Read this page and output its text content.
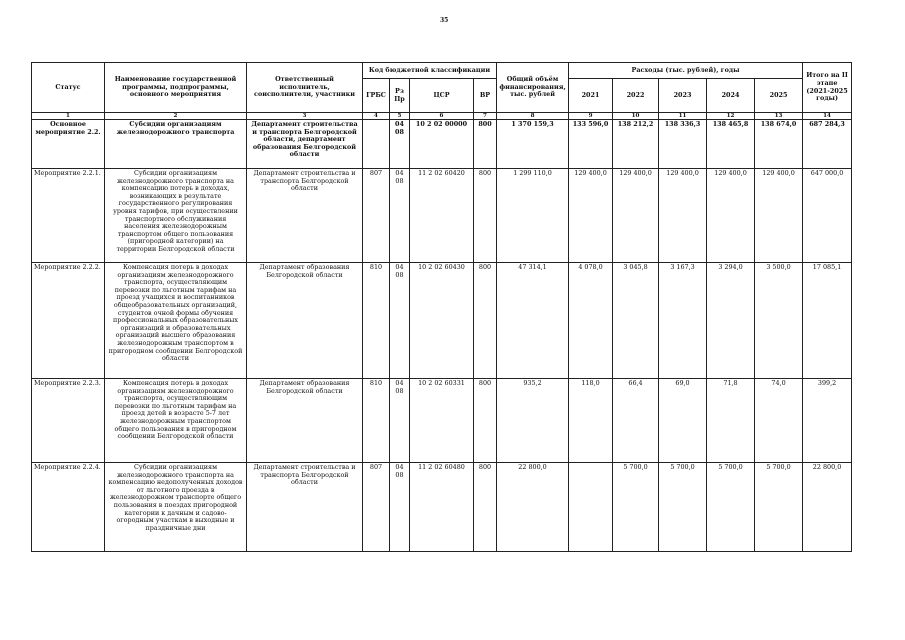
35
Статус	Наименование государственной программы, подпрограммы, основного мероприятия	Ответственный исполнитель, соисполнители, участники	Код бюджетной классификации				Общий объём финансирования, тыс. рублей	Расходы (тыс. рублей), годы					Итого на II этапе (2021-2025 годы)
			ГРБС	Рз Пр	ЦСР	ВР		2021	2022	2023	2024	2025	
1	2	3	4	5	6	7	8	9	10	11	12	13	14
Основное мероприятие 2.2.	Субсидии организациям железнодорожного транспорта	Департамент строительства и транспорта Белгородской области, департамент образования Белгородской области		04 08	10 2 02 00000	800	1 370 159,3	133 596,0	138 212,2	138 336,3	138 465,8	138 674,0	687 284,3
Мероприятие 2.2.1.	Субсидии организациям железнодорожного транспорта на компенсацию потерь в доходах, возникающих в результате государственного регулирования уровня тарифов, при осуществлении транспортного обслуживания населения железнодорожным транспортом общего пользования (пригородной категории) на территории Белгородской области	Департамент строительства и транспорта Белгородской области	807	04 08	11 2 02 60420	800	1 299 110,0	129 400,0	129 400,0	129 400,0	129 400,0	129 400,0	647 000,0
Мероприятие 2.2.2.	Компенсация потерь в доходах организациям железнодорожного транспорта, осуществляющим перевозки по льготным тарифам на проезд учащихся и воспитанников общеобразовательных организаций, студентов очной формы обучения профессиональных образовательных организаций и образовательных организаций высшего образования железнодорожным транспортом в пригородном сообщении Белгородской области	Департамент образования Белгородской области	810	04 08	10 2 02 60430	800	47 314,1	4 078,0	3 045,8	3 167,3	3 294,0	3 500,0	17 085,1
Мероприятие 2.2.3.	Компенсация потерь в доходах организациям железнодорожного транспорта, осуществляющим перевозки по льготным тарифам на проезд детей в возрасте 5-7 лет железнодорожным транспортом общего пользования в пригородном сообщении Белгородской области	Департамент образования Белгородской области	810	04 08	10 2 02 60331	800	935,2	118,0	66,4	69,0	71,8	74,0	399,2
Мероприятие 2.2.4.	Субсидии организациям железнодорожного транспорта на компенсацию недополученных доходов от льготного проезда в железнодорожном транспорте общего пользования в поездах пригородной категории к дачным и садово-огородным участкам в выходные и праздничные дни	Департамент строительства и транспорта Белгородской области	807	04 08	11 2 02 60480	800	22 800,0		5 700,0	5 700,0	5 700,0	5 700,0	22 800,0
